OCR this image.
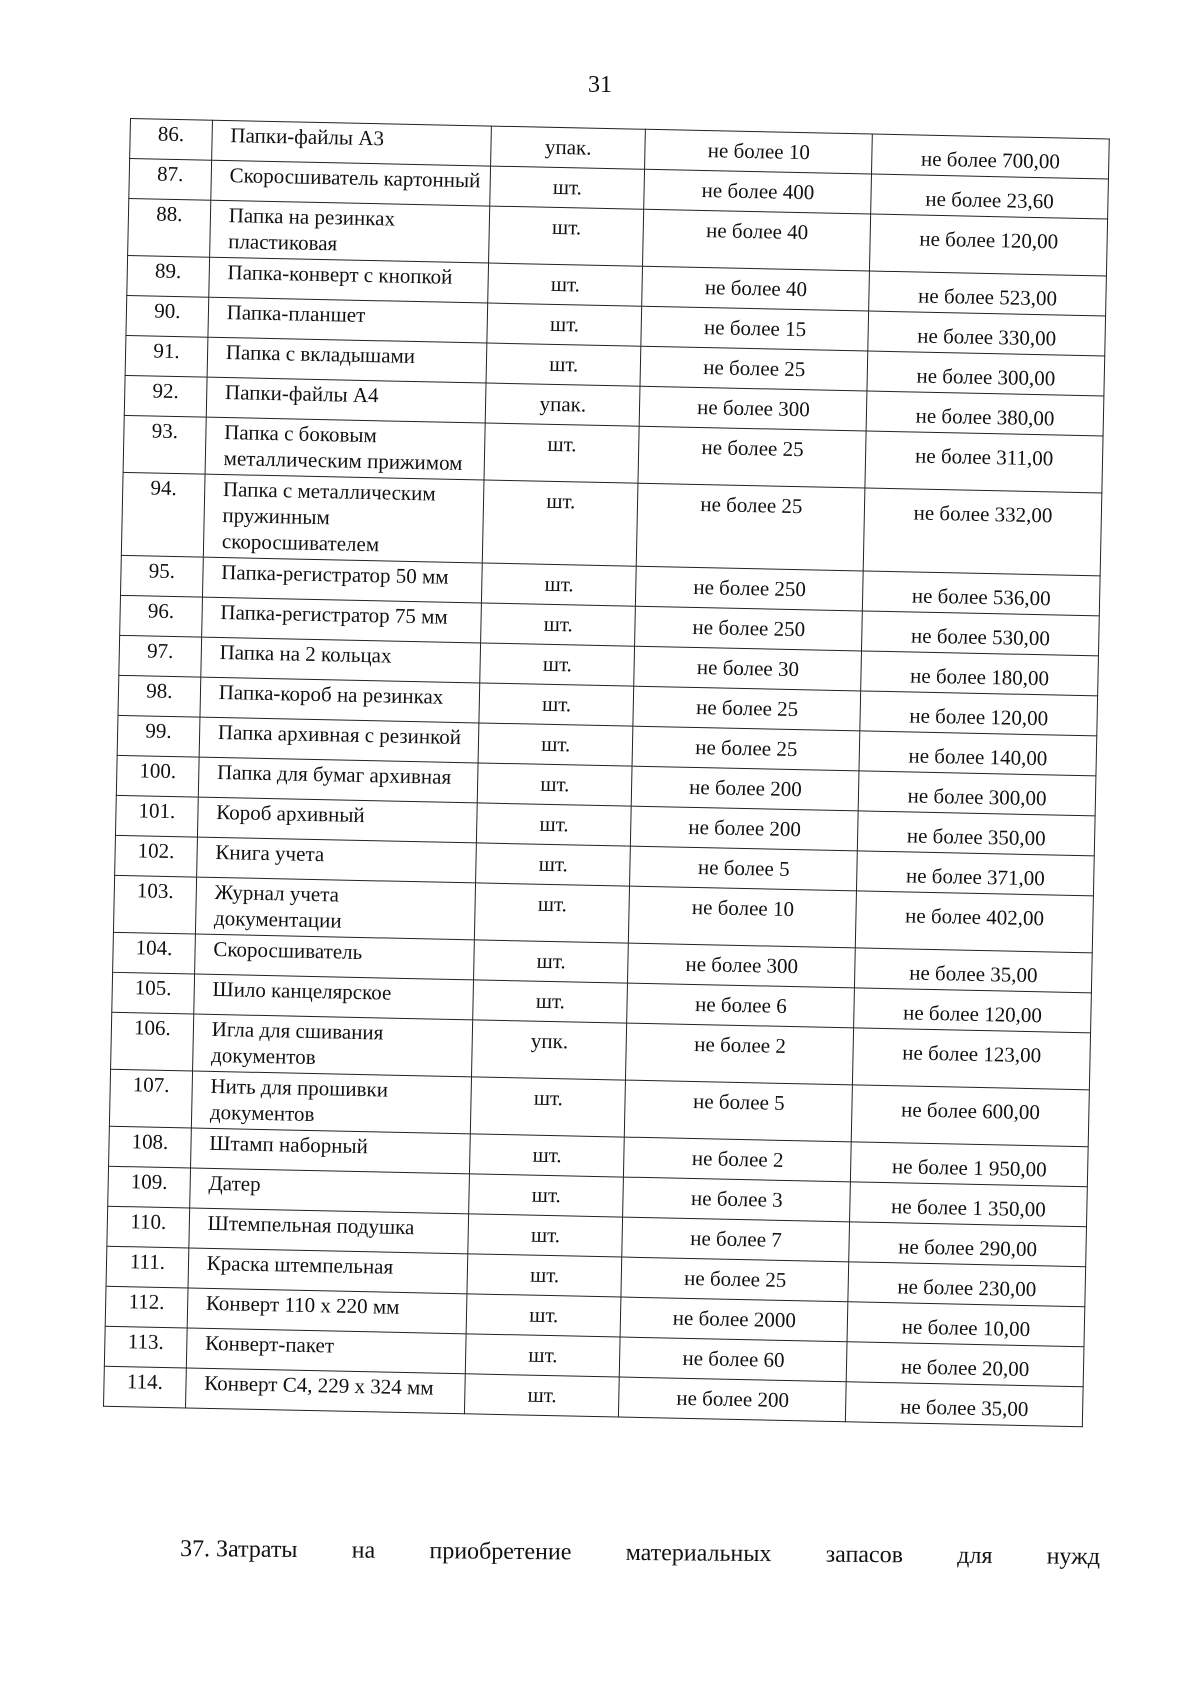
31
86.	Папки-файлы А3	упак.	не более 10	не более 700,00
87.	Скоросшиватель картонный	шт.	не более 400	не более 23,60
88.	Папка на резинках пластиковая	шт.	не более 40	не более 120,00
89.	Папка-конверт с кнопкой	шт.	не более 40	не более 523,00
90.	Папка-планшет	шт.	не более 15	не более 330,00
91.	Папка с вкладышами	шт.	не более 25	не более 300,00
92.	Папки-файлы А4	упак.	не более 300	не более 380,00
93.	Папка с боковым металлическим прижимом	шт.	не более 25	не более 311,00
94.	Папка с металлическим пружинным скоросшивателем	шт.	не более 25	не более 332,00
95.	Папка-регистратор 50 мм	шт.	не более 250	не более 536,00
96.	Папка-регистратор 75 мм	шт.	не более 250	не более 530,00
97.	Папка на 2 кольцах	шт.	не более 30	не более 180,00
98.	Папка-короб на резинках	шт.	не более 25	не более 120,00
99.	Папка архивная с резинкой	шт.	не более 25	не более 140,00
100.	Папка для бумаг архивная	шт.	не более 200	не более 300,00
101.	Короб архивный	шт.	не более 200	не более 350,00
102.	Книга учета	шт.	не более 5	не более 371,00
103.	Журнал учета документации	шт.	не более 10	не более 402,00
104.	Скоросшиватель	шт.	не более 300	не более 35,00
105.	Шило канцелярское	шт.	не более 6	не более 120,00
106.	Игла для сшивания документов	упк.	не более 2	не более 123,00
107.	Нить для прошивки документов	шт.	не более 5	не более 600,00
108.	Штамп наборный	шт.	не более 2	не более 1 950,00
109.	Датер	шт.	не более 3	не более 1 350,00
110.	Штемпельная подушка	шт.	не более 7	не более 290,00
111.	Краска штемпельная	шт.	не более 25	не более 230,00
112.	Конверт 110 x 220 мм	шт.	не более 2000	не более 10,00
113.	Конверт-пакет	шт.	не более 60	не более 20,00
114.	Конверт С4, 229 x 324 мм	шт.	не более 200	не более 35,00
37. Затраты на приобретение материальных запасов для нужд
